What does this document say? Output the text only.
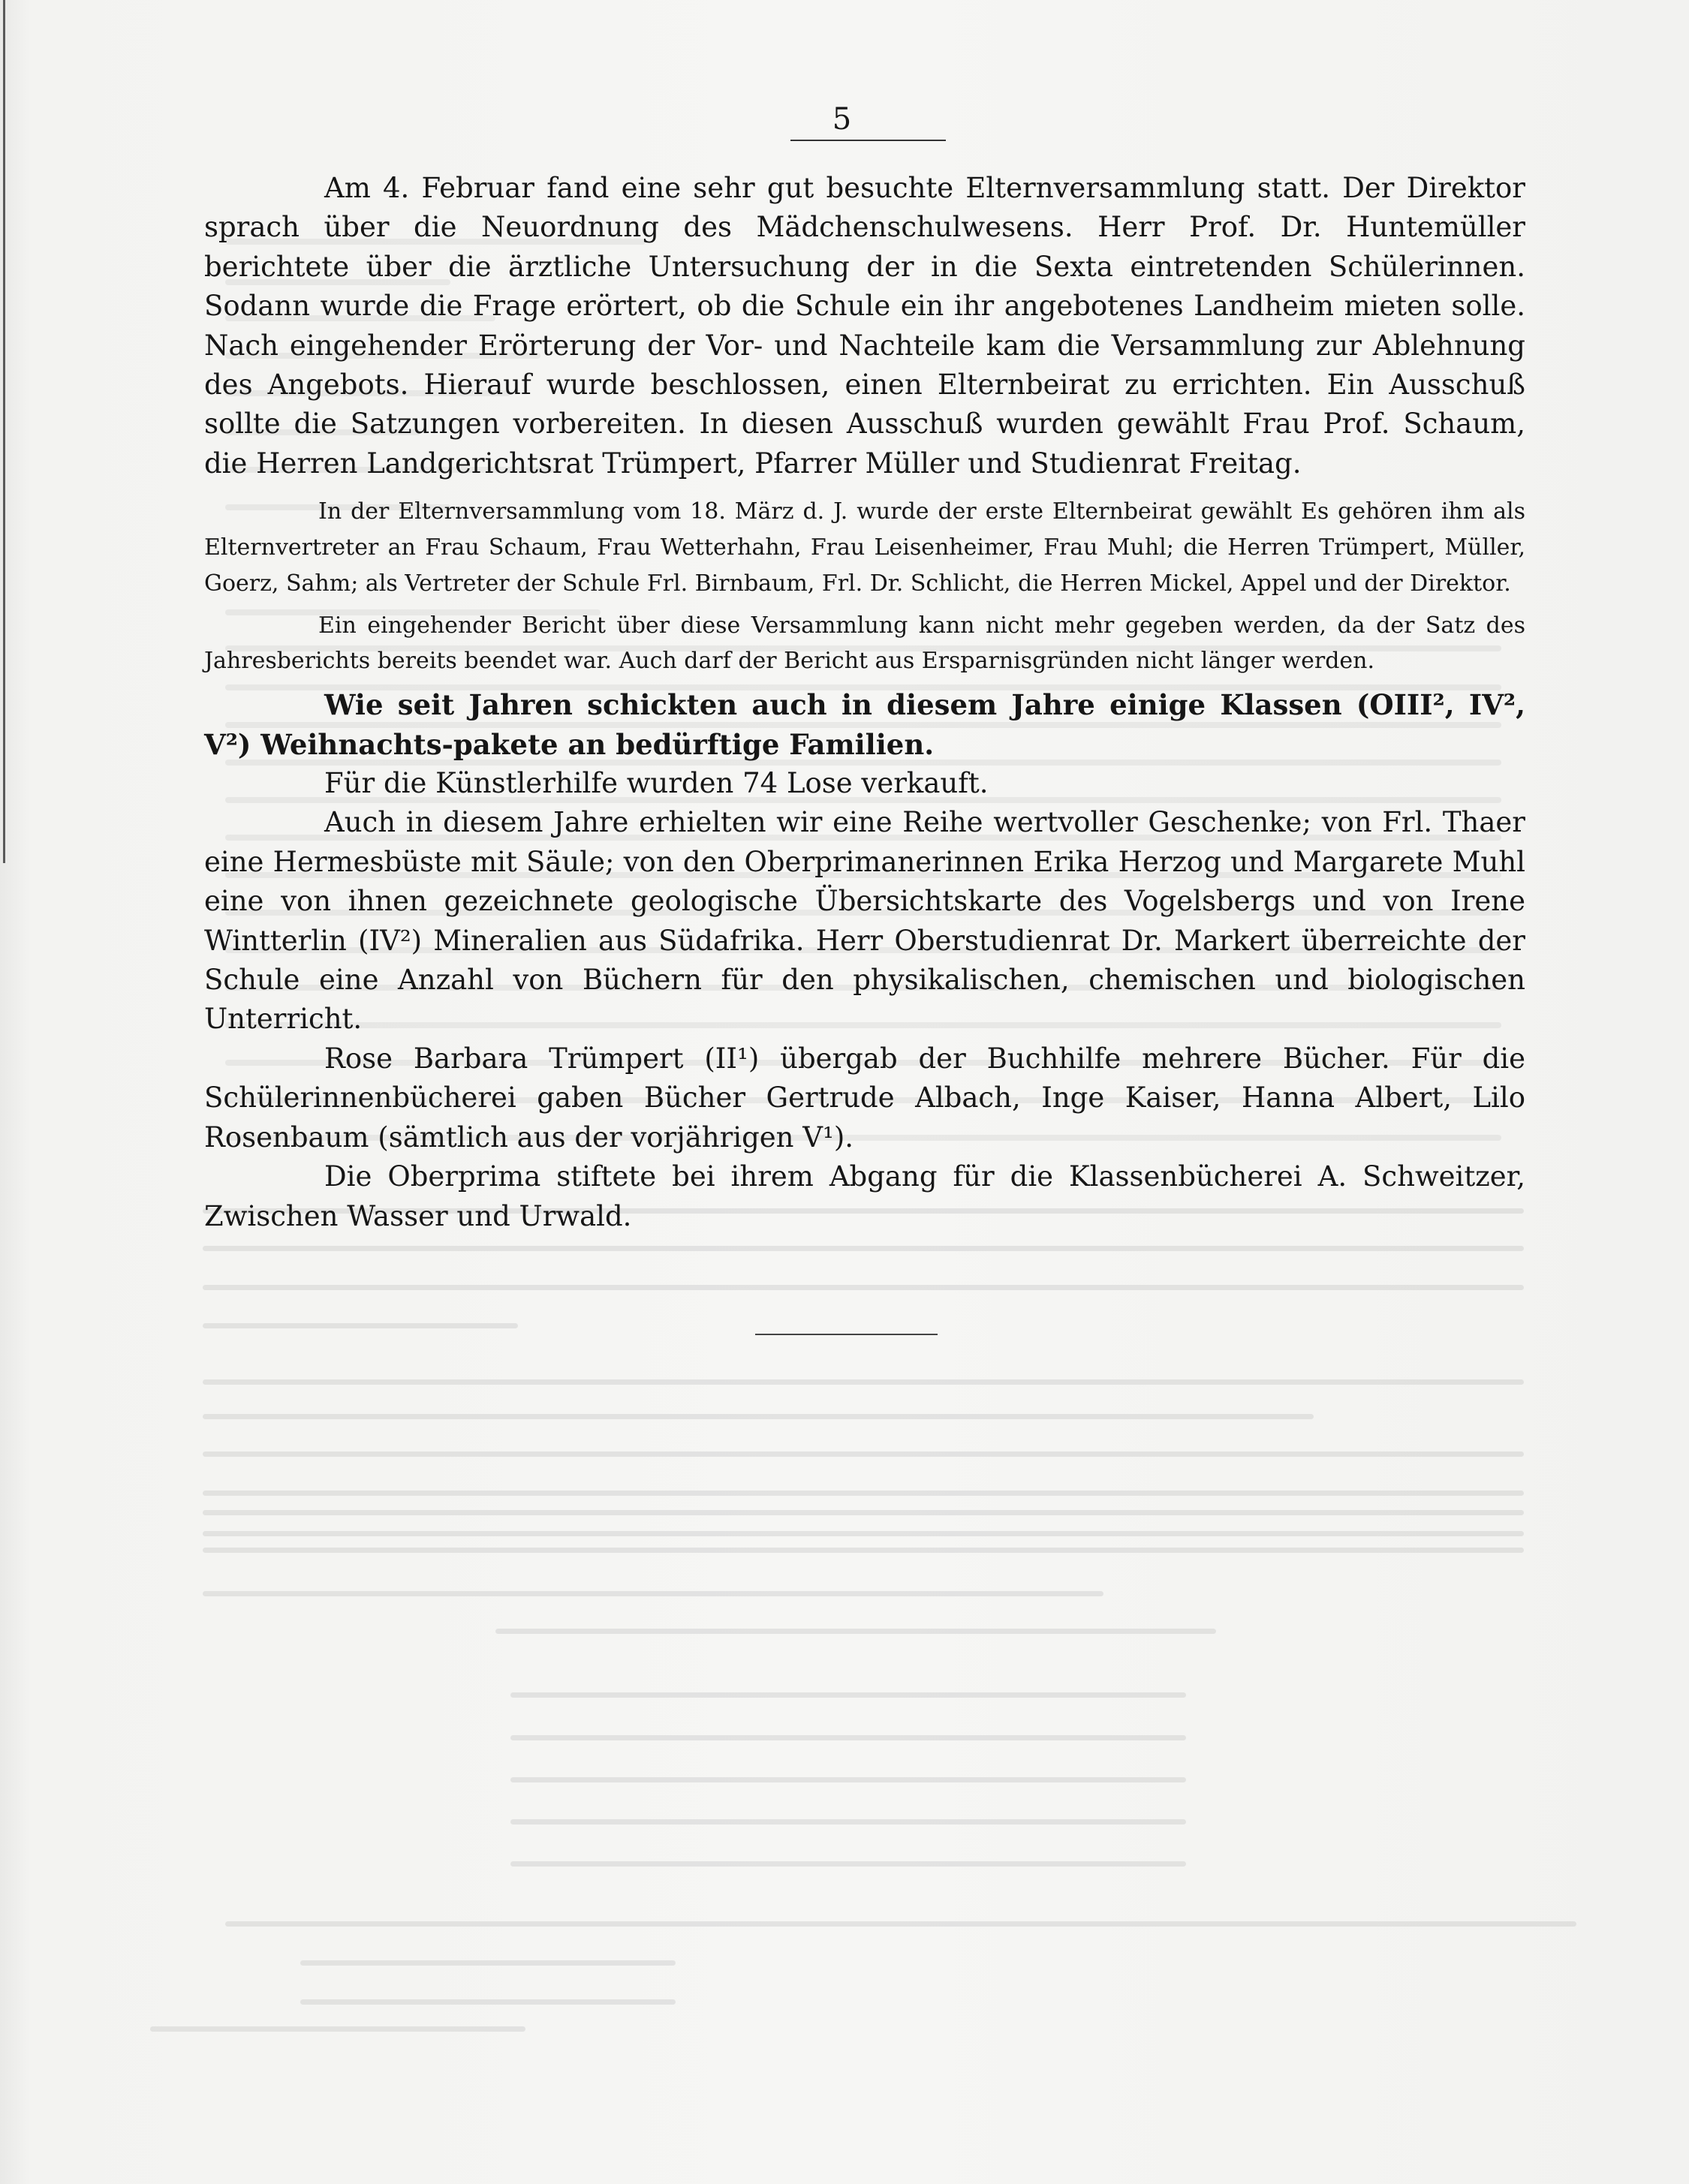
5

Am 4. Februar fand eine sehr gut besuchte Elternversammlung statt. Der Direktor sprach über die Neuordnung des Mädchenschulwesens. Herr Prof. Dr. Huntemüller berichtete über die ärztliche Untersuchung der in die Sexta eintretenden Schülerinnen. Sodann wurde die Frage erörtert, ob die Schule ein ihr angebotenes Landheim mieten solle. Nach eingehender Erörterung der Vor- und Nachteile kam die Versammlung zur Ablehnung des Angebots. Hierauf wurde beschlossen, einen Elternbeirat zu errichten. Ein Ausschuß sollte die Satzungen vorbereiten. In diesen Ausschuß wurden gewählt Frau Prof. Schaum, die Herren Landgerichtsrat Trümpert, Pfarrer Müller und Studienrat Freitag.

In der Elternversammlung vom 18. März d. J. wurde der erste Elternbeirat gewählt Es gehören ihm als Elternvertreter an Frau Schaum, Frau Wetterhahn, Frau Leisenheimer, Frau Muhl; die Herren Trümpert, Müller, Goerz, Sahm; als Vertreter der Schule Frl. Birnbaum, Frl. Dr. Schlicht, die Herren Mickel, Appel und der Direktor.

Ein eingehender Bericht über diese Versammlung kann nicht mehr gegeben werden, da der Satz des Jahresberichts bereits beendet war. Auch darf der Bericht aus Ersparnisgründen nicht länger werden.

Wie seit Jahren schickten auch in diesem Jahre einige Klassen (OIII², IV², V²) Weihnachts-pakete an bedürftige Familien.

Für die Künstlerhilfe wurden 74 Lose verkauft.

Auch in diesem Jahre erhielten wir eine Reihe wertvoller Geschenke; von Frl. Thaer eine Hermesbüste mit Säule; von den Oberprimanerinnen Erika Herzog und Margarete Muhl eine von ihnen gezeichnete geologische Übersichtskarte des Vogelsbergs und von Irene Wintterlin (IV²) Mineralien aus Südafrika. Herr Oberstudienrat Dr. Markert überreichte der Schule eine Anzahl von Büchern für den physikalischen, chemischen und biologischen Unterricht.

Rose Barbara Trümpert (II¹) übergab der Buchhilfe mehrere Bücher. Für die Schülerinnenbücherei gaben Bücher Gertrude Albach, Inge Kaiser, Hanna Albert, Lilo Rosenbaum (sämtlich aus der vorjährigen V¹).

Die Oberprima stiftete bei ihrem Abgang für die Klassenbücherei A. Schweitzer, Zwischen Wasser und Urwald.
